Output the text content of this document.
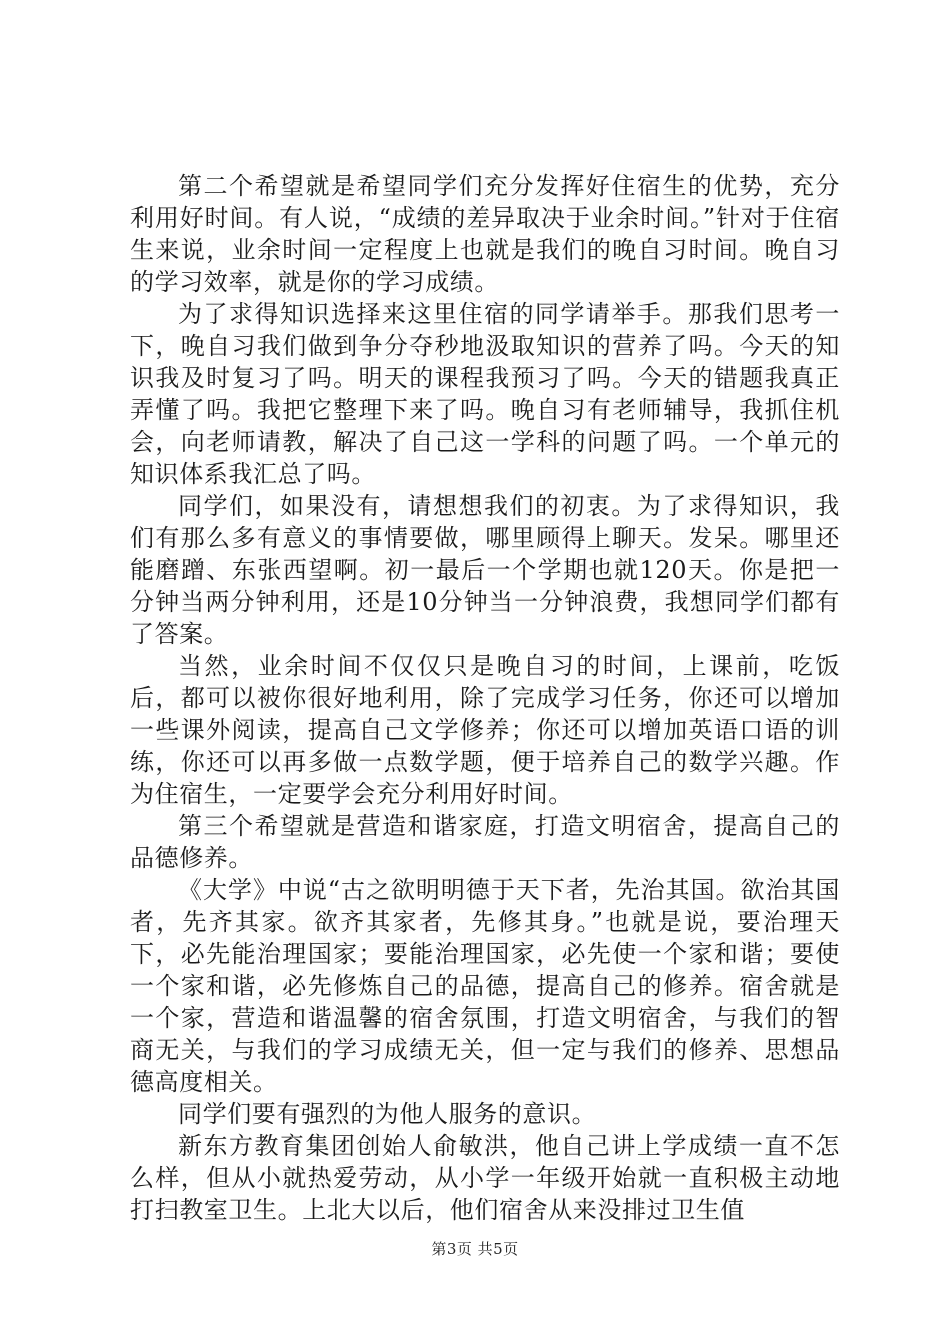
第二个希望就是希望同学们充分发挥好住宿生的优势，充分利用好时间。有人说，“成绩的差异取决于业余时间。”针对于住宿生来说，业余时间一定程度上也就是我们的晚自习时间。晚自习的学习效率，就是你的学习成绩。

为了求得知识选择来这里住宿的同学请举手。那我们思考一下，晚自习我们做到争分夺秒地汲取知识的营养了吗。今天的知识我及时复习了吗。明天的课程我预习了吗。今天的错题我真正弄懂了吗。我把它整理下来了吗。晚自习有老师辅导，我抓住机会，向老师请教，解决了自己这一学科的问题了吗。一个单元的知识体系我汇总了吗。

同学们，如果没有，请想想我们的初衷。为了求得知识，我们有那么多有意义的事情要做，哪里顾得上聊天。发呆。哪里还能磨蹭、东张西望啊。初一最后一个学期也就120天。你是把一分钟当两分钟利用，还是10分钟当一分钟浪费，我想同学们都有了答案。

当然，业余时间不仅仅只是晚自习的时间，上课前，吃饭后，都可以被你很好地利用，除了完成学习任务，你还可以增加一些课外阅读，提高自己文学修养；你还可以增加英语口语的训练，你还可以再多做一点数学题，便于培养自己的数学兴趣。作为住宿生，一定要学会充分利用好时间。

第三个希望就是营造和谐家庭，打造文明宿舍，提高自己的品德修养。

《大学》中说“古之欲明明德于天下者，先治其国。欲治其国者，先齐其家。欲齐其家者，先修其身。”也就是说，要治理天下，必先能治理国家；要能治理国家，必先使一个家和谐；要使一个家和谐，必先修炼自己的品德，提高自己的修养。宿舍就是一个家，营造和谐温馨的宿舍氛围，打造文明宿舍，与我们的智商无关，与我们的学习成绩无关，但一定与我们的修养、思想品德高度相关。

同学们要有强烈的为他人服务的意识。

新东方教育集团创始人俞敏洪，他自己讲上学成绩一直不怎么样，但从小就热爱劳动，从小学一年级开始就一直积极主动地打扫教室卫生。上北大以后，他们宿舍从来没排过卫生值

第3页 共5页
